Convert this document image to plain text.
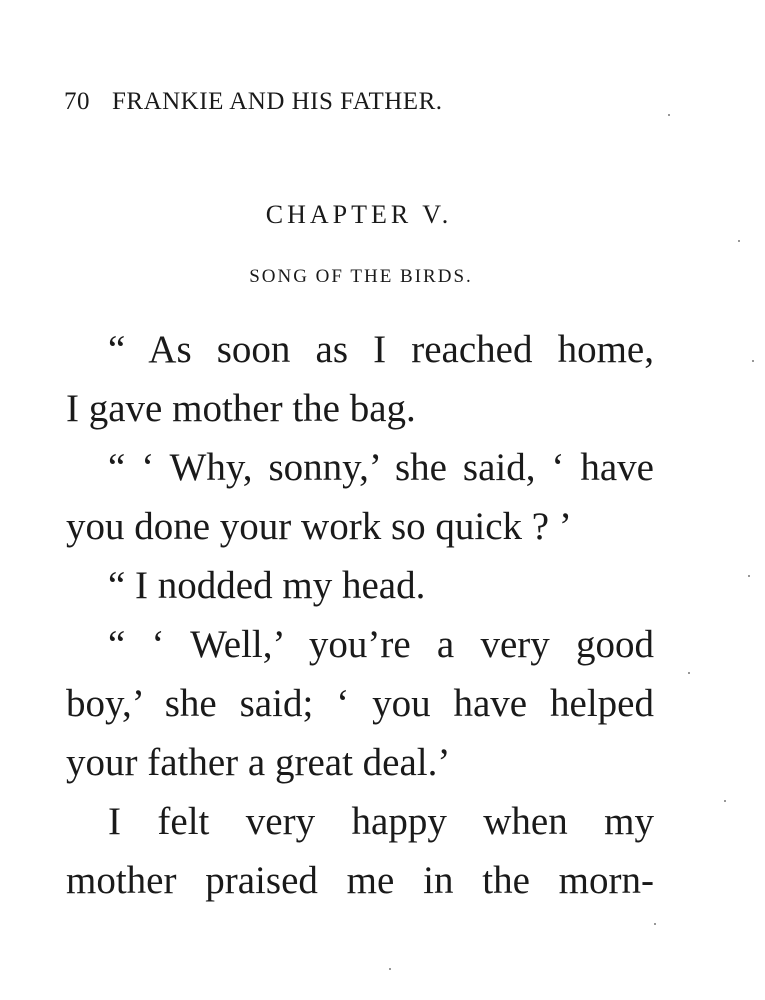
70 FRANKIE AND HIS FATHER.
CHAPTER V.
SONG OF THE BIRDS.
“ As soon as I reached home,
I gave mother the bag.
“ ‘ Why, sonny,’ she said, ‘ have
you done your work so quick ? ’
“ I nodded my head.
“ ‘ Well,’ you’re a very good
boy,’ she said; ‘ you have helped
your father a great deal.’
I felt very happy when my
mother praised me in the morn-
